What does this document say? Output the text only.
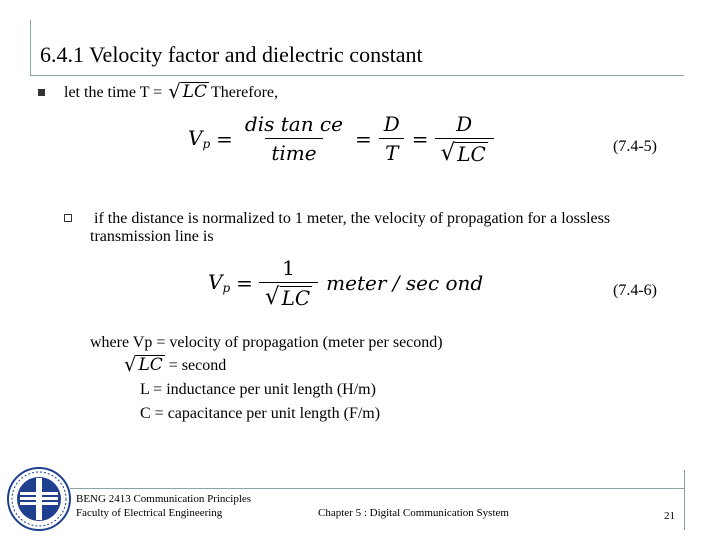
6.4.1 Velocity factor and dielectric constant
let the time T = √ LC Therefore,
$V_p = \frac{\text{dis tan ce}}{\text{time}} = \frac{D}{T} = \frac{D}{√ LC}$	(7.4-5)
if the distance is normalized to 1 meter, the velocity of propagation for a lossless
transmission line is
$V_p = \frac{1}{√ LC}$ meter / sec ond	(7.4-6)
where Vp = velocity of propagation (meter per second)
√ LC = second
L = inductance per unit length (H/m)
C = capacitance per unit length (F/m)
BENG 2413 Communication Principles
Faculty of Electrical Engineering	Chapter 5 : Digital Communication System	21
